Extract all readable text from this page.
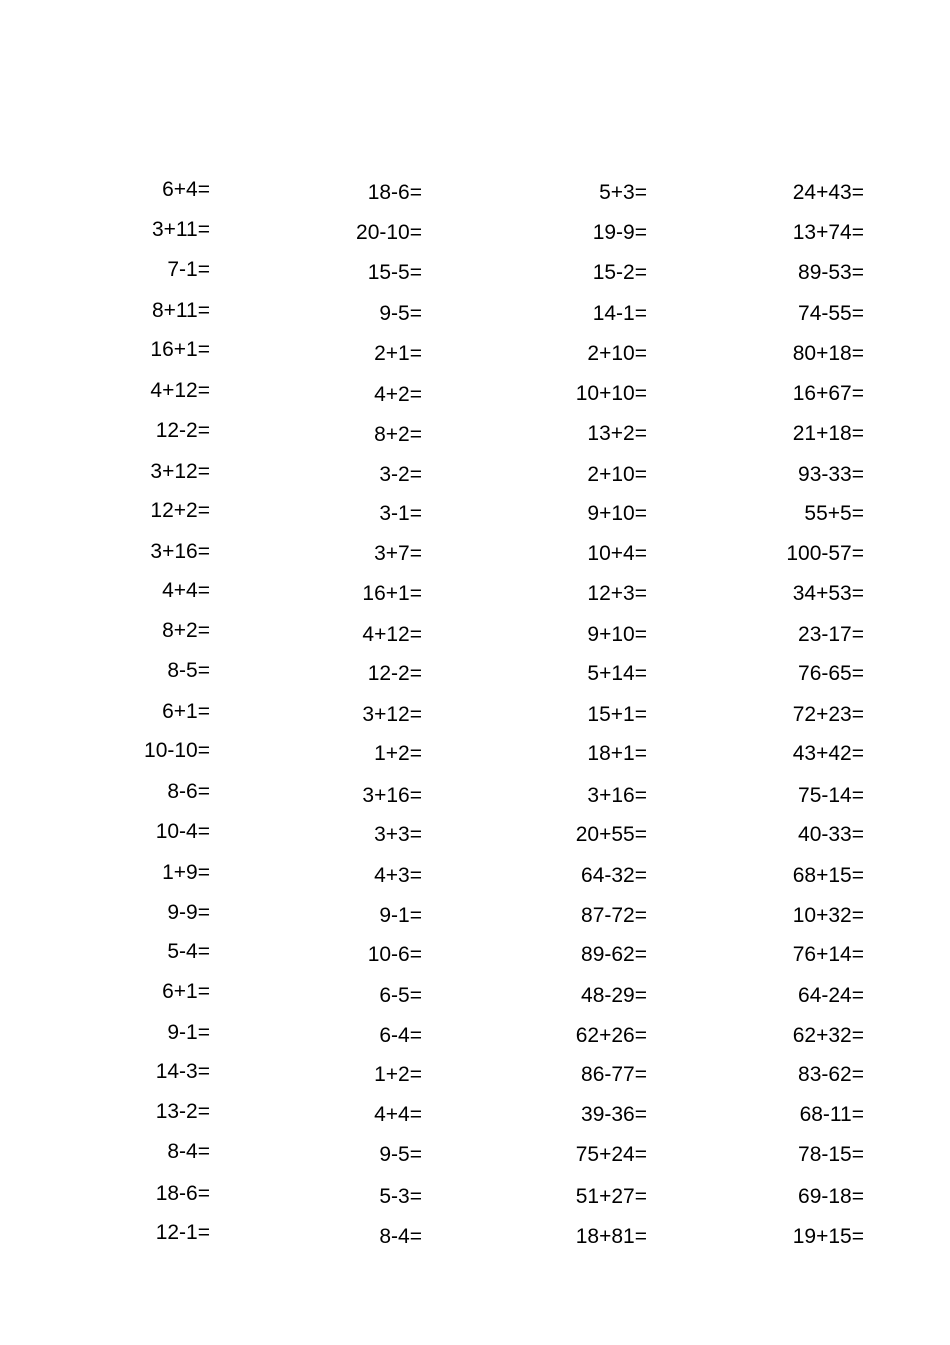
6+4=
3+11=
7-1=
8+11=
16+1=
4+12=
12-2=
3+12=
12+2=
3+16=
4+4=
8+2=
8-5=
6+1=
10-10=
8-6=
10-4=
1+9=
9-9=
5-4=
6+1=
9-1=
14-3=
13-2=
8-4=
18-6=
12-1=
18-6=
20-10=
15-5=
9-5=
2+1=
4+2=
8+2=
3-2=
3-1=
3+7=
16+1=
4+12=
12-2=
3+12=
1+2=
3+16=
3+3=
4+3=
9-1=
10-6=
6-5=
6-4=
1+2=
4+4=
9-5=
5-3=
8-4=
5+3=
19-9=
15-2=
14-1=
2+10=
10+10=
13+2=
2+10=
9+10=
10+4=
12+3=
9+10=
5+14=
15+1=
18+1=
3+16=
20+55=
64-32=
87-72=
89-62=
48-29=
62+26=
86-77=
39-36=
75+24=
51+27=
18+81=
24+43=
13+74=
89-53=
74-55=
80+18=
16+67=
21+18=
93-33=
55+5=
100-57=
34+53=
23-17=
76-65=
72+23=
43+42=
75-14=
40-33=
68+15=
10+32=
76+14=
64-24=
62+32=
83-62=
68-11=
78-15=
69-18=
19+15=
